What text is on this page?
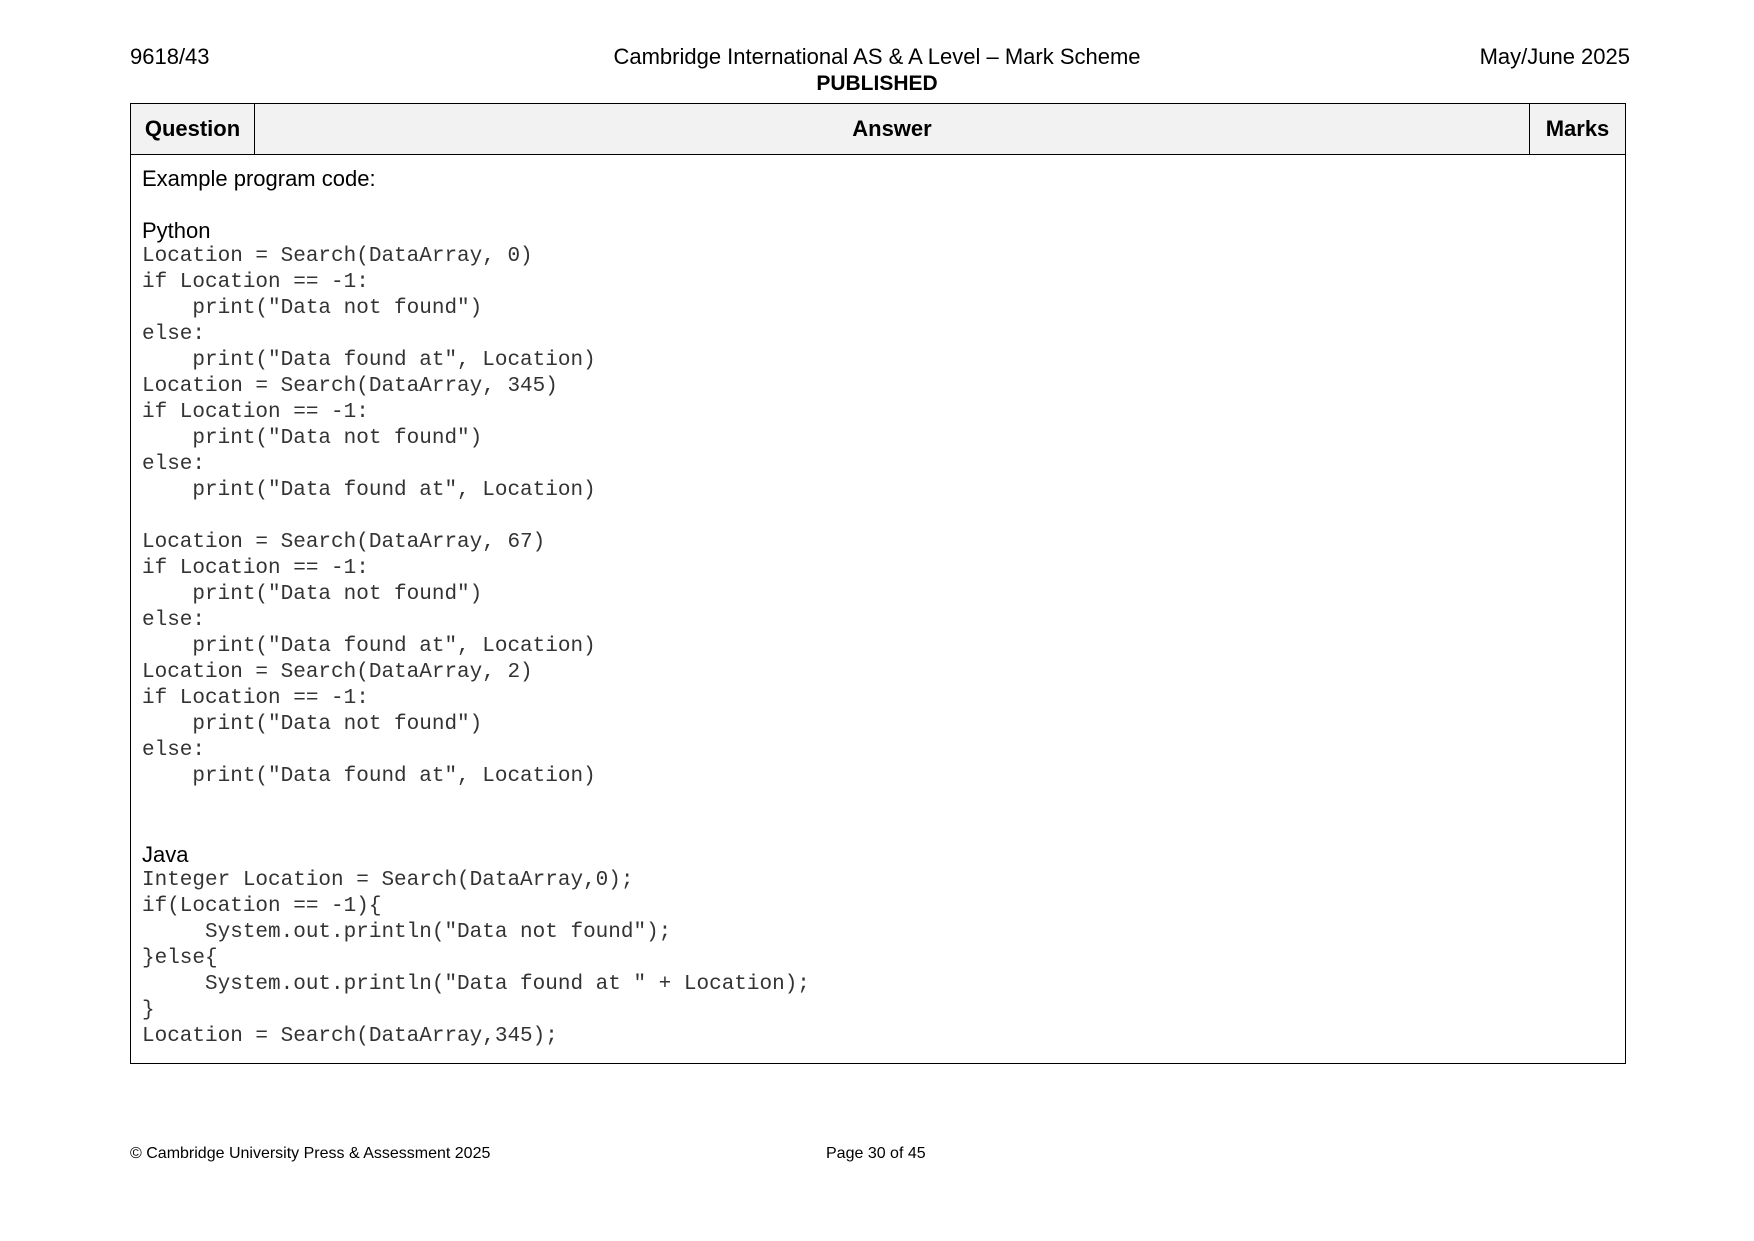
9618/43	Cambridge International AS & A Level – Mark Scheme	May/June 2025
PUBLISHED
Question	Answer	Marks
Example program code:
Python
Location = Search(DataArray, 0)
if Location == -1:
print("Data not found")
else:
print("Data found at", Location)
Location = Search(DataArray, 345)
if Location == -1:
print("Data not found")
else:
print("Data found at", Location)
Location = Search(DataArray, 67)
if Location == -1:
print("Data not found")
else:
print("Data found at", Location)
Location = Search(DataArray, 2)
if Location == -1:
print("Data not found")
else:
print("Data found at", Location)
Java
Integer Location = Search(DataArray,0);
if(Location == -1){
System.out.println("Data not found");
}else{
System.out.println("Data found at " + Location);
}
Location = Search(DataArray,345);
© Cambridge University Press & Assessment 2025	Page 30 of 45
